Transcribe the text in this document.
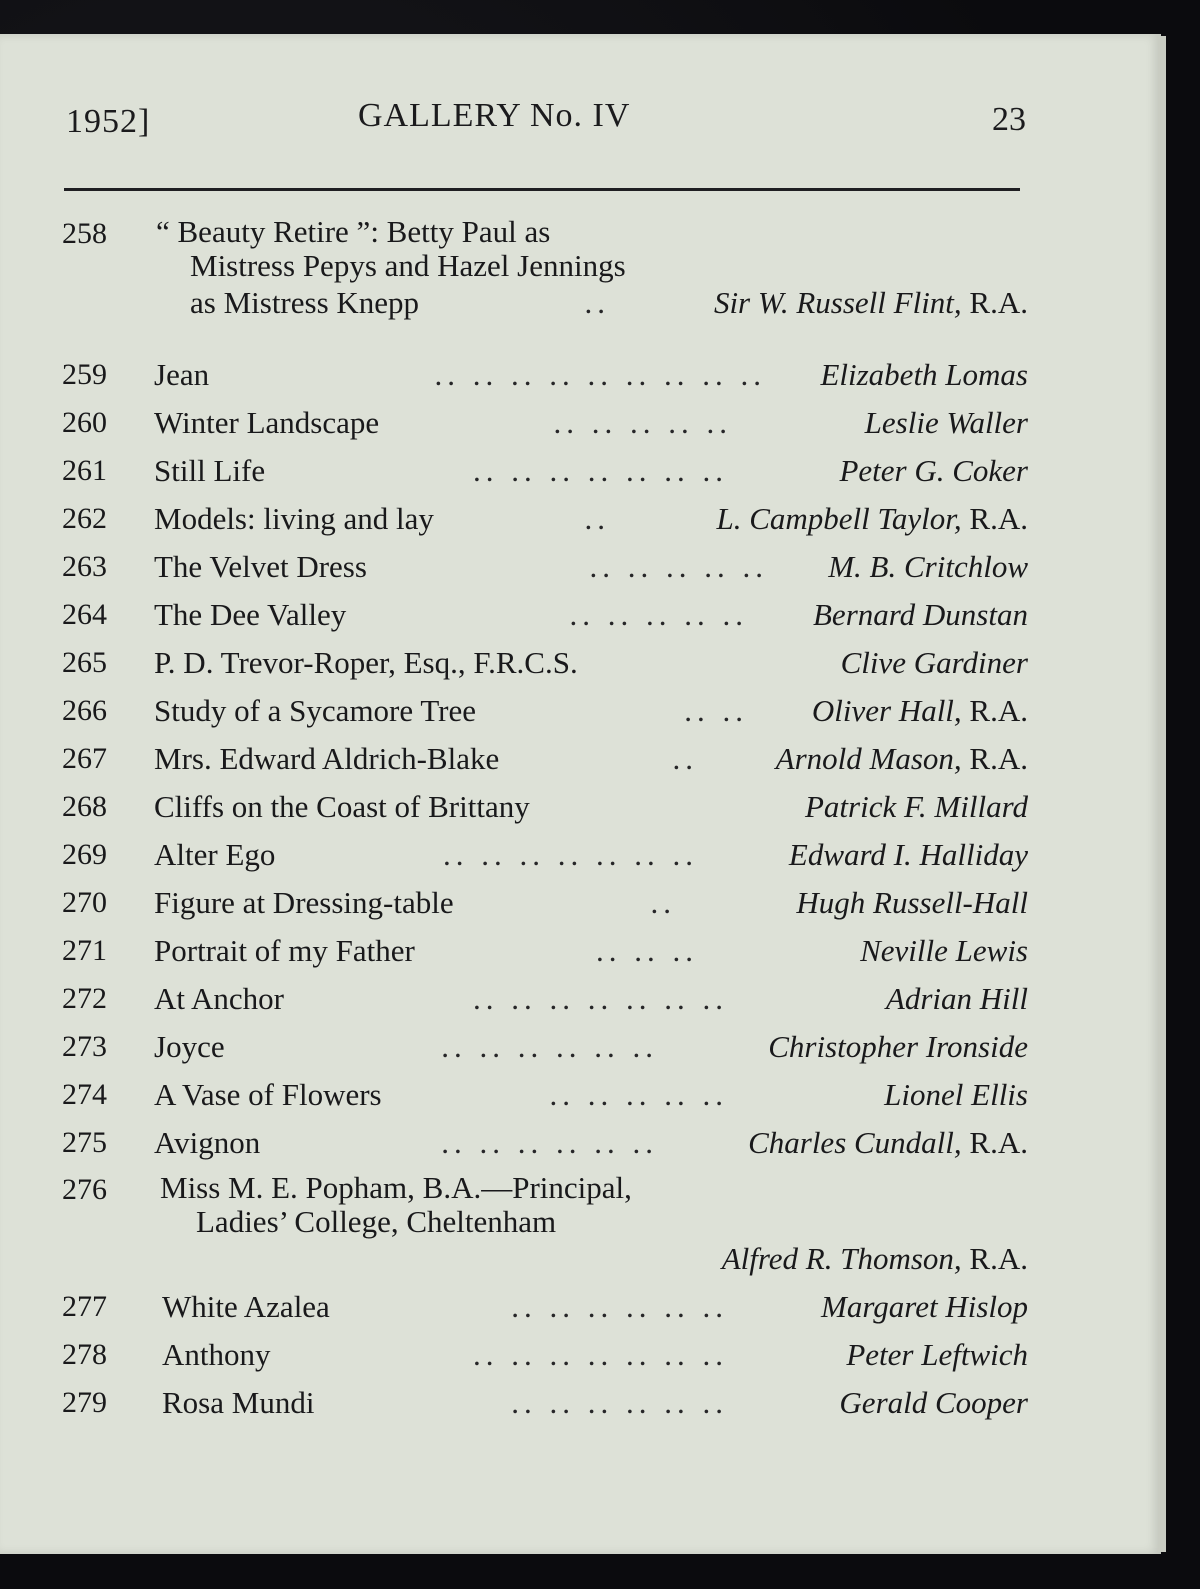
1952]	GALLERY No. IV	23
258	“ Beauty Retire ”: Betty Paul as
Mistress Pepys and Hazel Jennings
as Mistress Knepp	..	Sir W. Russell Flint, R.A.
259	Jean	.. .. .. .. .. .. .. .. .. Elizabeth Lomas
260	Winter Landscape	.. .. .. .. ..	Leslie Waller
261	Still Life	.. .. .. .. .. .. ..	Peter G. Coker
262	Models: living and lay	..	L. Campbell Taylor, R.A.
263	The Velvet Dress	.. .. .. .. .. M. B. Critchlow
264	The Dee Valley	.. .. .. .. .. Bernard Dunstan
265	P. D. Trevor-Roper, Esq., F.R.C.S.	Clive Gardiner
266	Study of a Sycamore Tree	.. .. Oliver Hall, R.A.
267	Mrs. Edward Aldrich-Blake	..	Arnold Mason, R.A.
268	Cliffs on the Coast of Brittany	Patrick F. Millard
269	Alter Ego	.. .. .. .. .. .. ..	Edward I. Halliday
270	Figure at Dressing-table	..	Hugh Russell-Hall
271	Portrait of my Father	.. .. ..	Neville Lewis
272	At Anchor	.. .. .. .. .. .. ..	Adrian Hill
273	Joyce	.. .. .. .. .. ..	Christopher Ironside
274	A Vase of Flowers	.. .. .. .. ..	Lionel Ellis
275	Avignon	.. .. .. .. .. ..	Charles Cundall, R.A.
276	Miss M. E. Popham, B.A.—Principal,
Ladies’ College, Cheltenham
Alfred R. Thomson, R.A.
277	White Azalea	.. .. .. .. .. ..	Margaret Hislop
278	Anthony	.. .. .. .. .. .. ..	Peter Leftwich
279	Rosa Mundi	.. .. .. .. .. ..	Gerald Cooper
